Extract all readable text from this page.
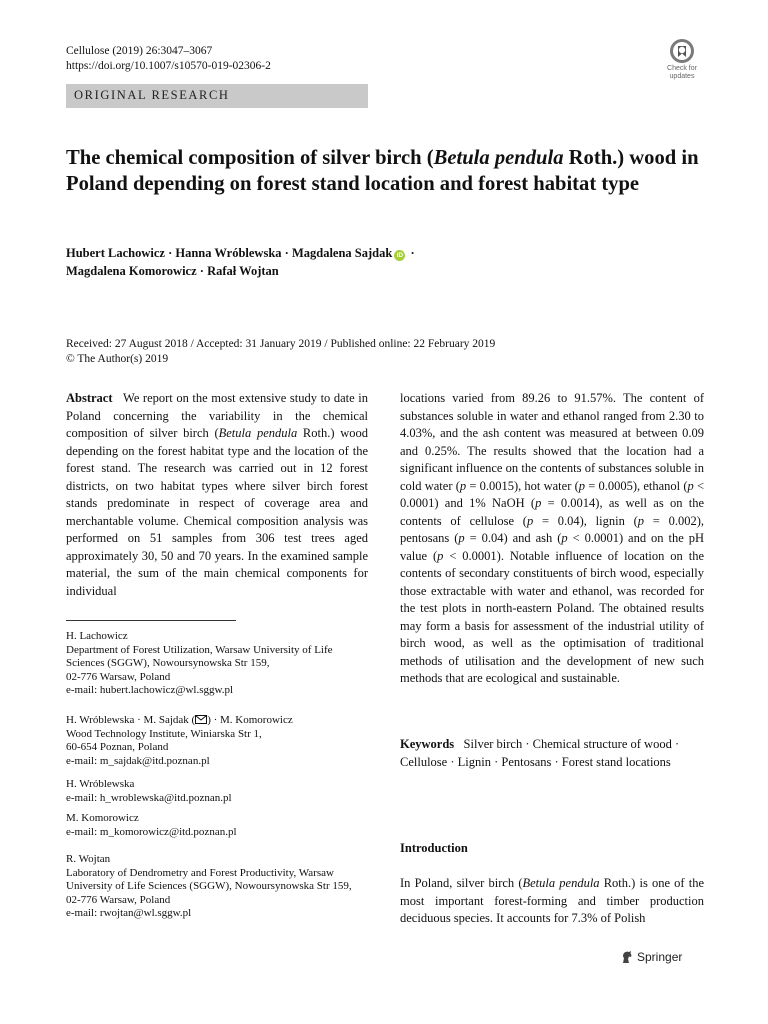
Cellulose (2019) 26:3047–3067
https://doi.org/10.1007/s10570-019-02306-2	Check for
updates
ORIGINAL RESEARCH
The chemical composition of silver birch (Betula pendula Roth.) wood in Poland depending on forest stand location and forest habitat type
Hubert Lachowicz · Hanna Wróblewska · Magdalena Sajdak iD ·
Magdalena Komorowicz · Rafał Wojtan
Received: 27 August 2018 / Accepted: 31 January 2019 / Published online: 22 February 2019
© The Author(s) 2019
Abstract We report on the most extensive study to date in Poland concerning the variability in the chemical composition of silver birch (Betula pendula Roth.) wood depending on the forest habitat type and the location of the forest stand. The research was carried out in 12 forest districts, on two habitat types where silver birch forest stands predominate in respect of coverage area and merchantable volume. Chemical composition analysis was performed on 51 samples from 306 test trees aged approximately 30, 50 and 70 years. In the examined sample material, the sum of the main chemical components for individual
H. Lachowicz
Department of Forest Utilization, Warsaw University of Life Sciences (SGGW), Nowoursynowska Str 159,
02-776 Warsaw, Poland
e-mail: hubert.lachowicz@wl.sggw.pl
H. Wróblewska · M. Sajdak ( ) · M. Komorowicz
Wood Technology Institute, Winiarska Str 1,
60-654 Poznan, Poland
e-mail: m_sajdak@itd.poznan.pl
H. Wróblewska
e-mail: h_wroblewska@itd.poznan.pl
M. Komorowicz
e-mail: m_komorowicz@itd.poznan.pl
R. Wojtan
Laboratory of Dendrometry and Forest Productivity, Warsaw University of Life Sciences (SGGW), Nowoursynowska Str 159, 02-776 Warsaw, Poland
e-mail: rwojtan@wl.sggw.pl
locations varied from 89.26 to 91.57%. The content of substances soluble in water and ethanol ranged from 2.30 to 4.03%, and the ash content was measured at between 0.09 and 0.25%. The results showed that the location had a significant influence on the contents of substances soluble in cold water (p = 0.0015), hot water (p = 0.0005), ethanol (p < 0.0001) and 1% NaOH (p = 0.0014), as well as on the contents of cellulose (p = 0.04), lignin (p = 0.002), pentosans (p = 0.04) and ash (p < 0.0001) and on the pH value (p < 0.0001). Notable influence of location on the contents of secondary constituents of birch wood, especially those extractable with water and ethanol, was recorded for the test plots in north-eastern Poland. The obtained results may form a basis for assessment of the industrial utility of birch wood, as well as the optimisation of traditional methods of utilisation and the development of new such methods that are ecological and sustainable.
Keywords Silver birch · Chemical structure of wood · Cellulose · Lignin · Pentosans · Forest stand locations
Introduction
In Poland, silver birch (Betula pendula Roth.) is one of the most important forest-forming and timber production deciduous species. It accounts for 7.3% of Polish
Springer
